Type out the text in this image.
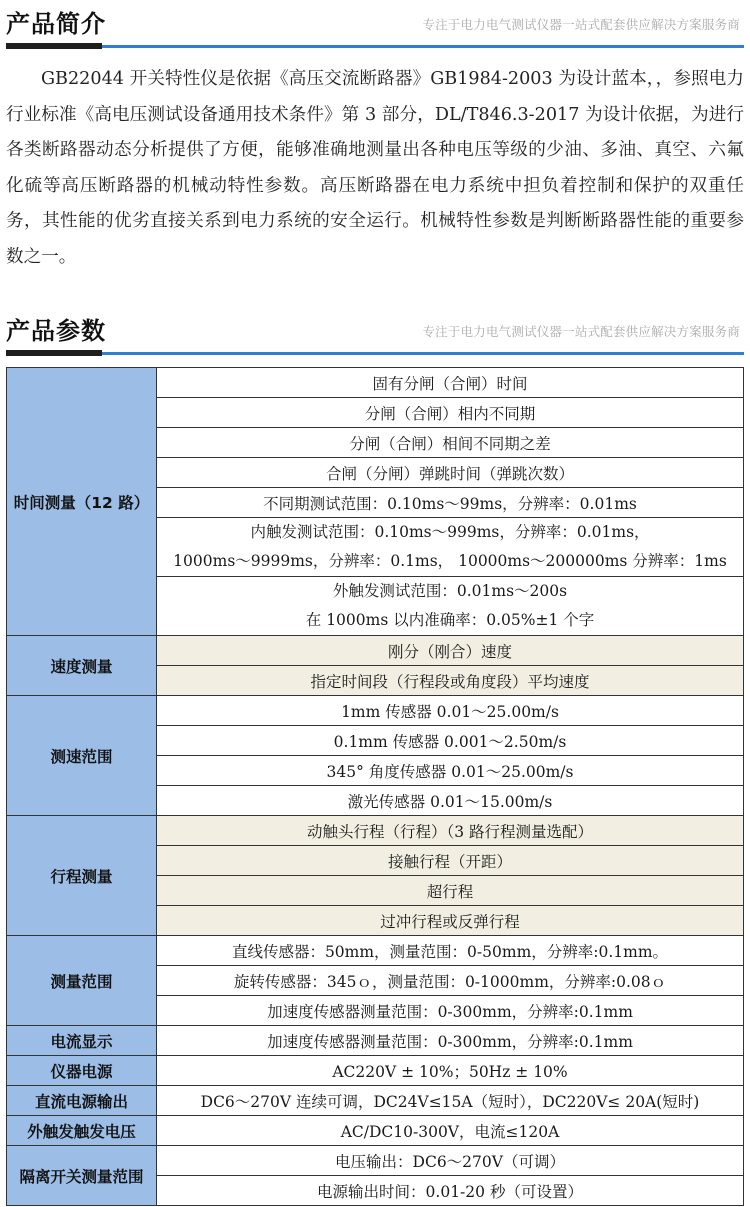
产品简介	专注于电力电气测试仪器一站式配套供应解决方案服务商
GB22044 开关特性仪是依据《高压交流断路器》GB1984-2003 为设计蓝本，，参照电力行业标准《高电压测试设备通用技术条件》第 3 部分，DL/T846.3-2017 为设计依据，为进行各类断路器动态分析提供了方便，能够准确地测量出各种电压等级的少油、多油、真空、六氟化硫等高压断路器的机械动特性参数。高压断路器在电力系统中担负着控制和保护的双重任务，其性能的优劣直接关系到电力系统的安全运行。机械特性参数是判断断路器性能的重要参数之一。
产品参数	专注于电力电气测试仪器一站式配套供应解决方案服务商
时间测量（12 路）	固有分闸（合闸）时间
	分闸（合闸）相内不同期
	分闸（合闸）相间不同期之差
	合闸（分闸）弹跳时间（弹跳次数）
	不同期测试范围：0.10ms～99ms，分辨率：0.01ms

	内触发测试范围：0.10ms～999ms，分辨率：0.01ms，
1000ms～9999ms，分辨率：0.1ms， 10000ms～200000ms 分辨率：1ms

	外触发测试范围：0.01ms～200s
在 1000ms 以内准确率：0.05%±1 个字

速度测量	刚分（刚合）速度
	指定时间段（行程段或角度段）平均速度
测速范围	1mm 传感器 0.01～25.00m/s
	0.1mm 传感器 0.001～2.50m/s
	345° 角度传感器 0.01～25.00m/s
	激光传感器 0.01～15.00m/s
行程测量	动触头行程（行程）（3 路行程测量选配）
	接触行程（开距）
	超行程
	过冲行程或反弹行程
测量范围	直线传感器：50mm，测量范围：0-50mm，分辨率:0.1mm。
	旋转传感器：345ｏ，测量范围：0-1000mm，分辨率:0.08ｏ
	加速度传感器测量范围：0-300mm，分辨率:0.1mm
电流显示	加速度传感器测量范围：0-300mm，分辨率:0.1mm
仪器电源	AC220V ± 10%；50Hz ± 10%
直流电源输出	DC6～270V 连续可调，DC24V≤15A（短时），DC220V≤ 20A(短时)
外触发触发电压	AC/DC10-300V，电流≤120A
隔离开关测量范围	电压输出：DC6～270V（可调）
	电源输出时间：0.01-20 秒（可设置）
